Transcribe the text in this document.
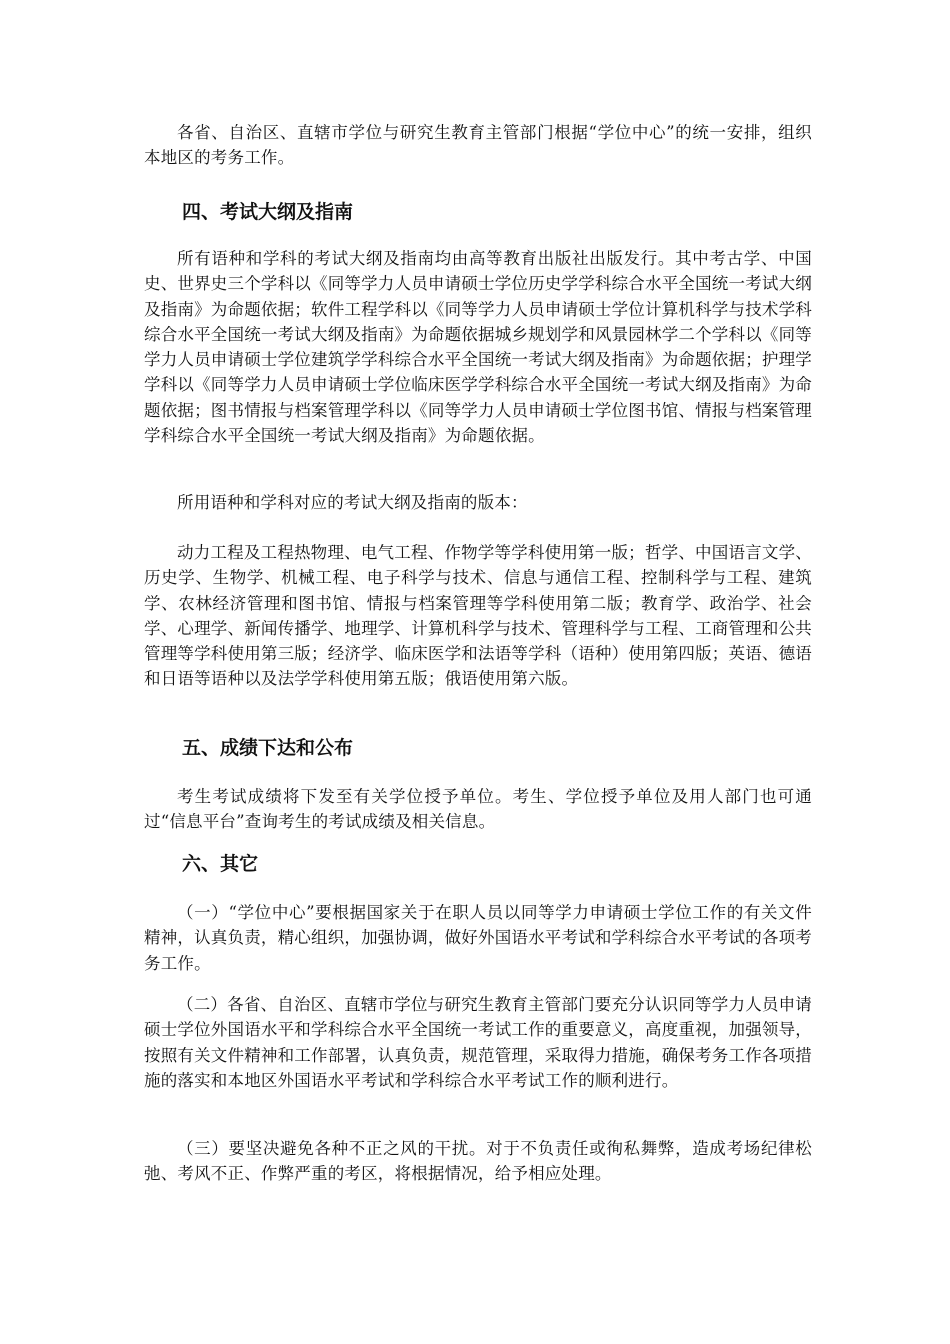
各省、自治区、直辖市学位与研究生教育主管部门根据“学位中心”的统一安排，组织本地区的考务工作。

四、考试大纲及指南

所有语种和学科的考试大纲及指南均由高等教育出版社出版发行。其中考古学、中国史、世界史三个学科以《同等学力人员申请硕士学位历史学学科综合水平全国统一考试大纲及指南》为命题依据；软件工程学科以《同等学力人员申请硕士学位计算机科学与技术学科综合水平全国统一考试大纲及指南》为命题依据城乡规划学和风景园林学二个学科以《同等学力人员申请硕士学位建筑学学科综合水平全国统一考试大纲及指南》为命题依据；护理学学科以《同等学力人员申请硕士学位临床医学学科综合水平全国统一考试大纲及指南》为命题依据；图书情报与档案管理学科以《同等学力人员申请硕士学位图书馆、情报与档案管理学科综合水平全国统一考试大纲及指南》为命题依据。

所用语种和学科对应的考试大纲及指南的版本：

动力工程及工程热物理、电气工程、作物学等学科使用第一版；哲学、中国语言文学、历史学、生物学、机械工程、电子科学与技术、信息与通信工程、控制科学与工程、建筑学、农林经济管理和图书馆、情报与档案管理等学科使用第二版；教育学、政治学、社会学、心理学、新闻传播学、地理学、计算机科学与技术、管理科学与工程、工商管理和公共管理等学科使用第三版；经济学、临床医学和法语等学科（语种）使用第四版；英语、德语和日语等语种以及法学学科使用第五版；俄语使用第六版。

五、成绩下达和公布

考生考试成绩将下发至有关学位授予单位。考生、学位授予单位及用人部门也可通过“信息平台”查询考生的考试成绩及相关信息。

六、其它

（一）“学位中心”要根据国家关于在职人员以同等学力申请硕士学位工作的有关文件精神，认真负责，精心组织，加强协调，做好外国语水平考试和学科综合水平考试的各项考务工作。

（二）各省、自治区、直辖市学位与研究生教育主管部门要充分认识同等学力人员申请硕士学位外国语水平和学科综合水平全国统一考试工作的重要意义，高度重视，加强领导，按照有关文件精神和工作部署，认真负责，规范管理，采取得力措施，确保考务工作各项措施的落实和本地区外国语水平考试和学科综合水平考试工作的顺利进行。

（三）要坚决避免各种不正之风的干扰。对于不负责任或徇私舞弊，造成考场纪律松弛、考风不正、作弊严重的考区，将根据情况，给予相应处理。
